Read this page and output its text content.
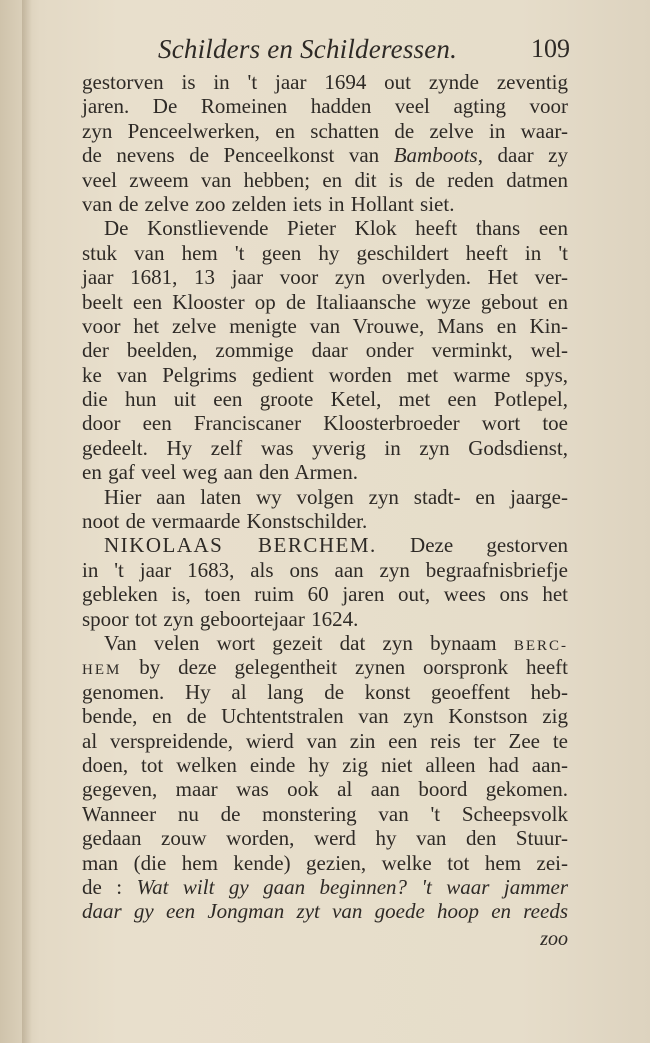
Schilders en Schilderessen.	109
gestorven is in 't jaar 1694 out zynde zeventig
jaren. De Romeinen hadden veel agting voor
zyn Penceelwerken, en schatten de zelve in waar-
de nevens de Penceelkonst van Bamboots, daar zy
veel zweem van hebben; en dit is de reden datmen
van de zelve zoo zelden iets in Hollant siet.
De Konstlievende Pieter Klok heeft thans een
stuk van hem 't geen hy geschildert heeft in 't
jaar 1681, 13 jaar voor zyn overlyden. Het ver-
beelt een Klooster op de Italiaansche wyze gebout en
voor het zelve menigte van Vrouwe, Mans en Kin-
der beelden, zommige daar onder verminkt, wel-
ke van Pelgrims gedient worden met warme spys,
die hun uit een groote Ketel, met een Potlepel,
door een Franciscaner Kloosterbroeder wort toe
gedeelt. Hy zelf was yverig in zyn Godsdienst,
en gaf veel weg aan den Armen.
Hier aan laten wy volgen zyn stadt- en jaarge-
noot de vermaarde Konstschilder.
NIKOLAAS BERCHEM. Deze gestorven
in 't jaar 1683, als ons aan zyn begraafnisbriefje
gebleken is, toen ruim 60 jaren out, wees ons het
spoor tot zyn geboortejaar 1624.
Van velen wort gezeit dat zyn bynaam BERC-
HEM by deze gelegentheit zynen oorspronk heeft
genomen. Hy al lang de konst geoeffent heb-
bende, en de Uchtentstralen van zyn Konstson zig
al verspreidende, wierd van zin een reis ter Zee te
doen, tot welken einde hy zig niet alleen had aan-
gegeven, maar was ook al aan boord gekomen.
Wanneer nu de monstering van 't Scheepsvolk
gedaan zouw worden, werd hy van den Stuur-
man (die hem kende) gezien, welke tot hem zei-
de : Wat wilt gy gaan beginnen? 't waar jammer
daar gy een Jongman zyt van goede hoop en reeds
zoo
